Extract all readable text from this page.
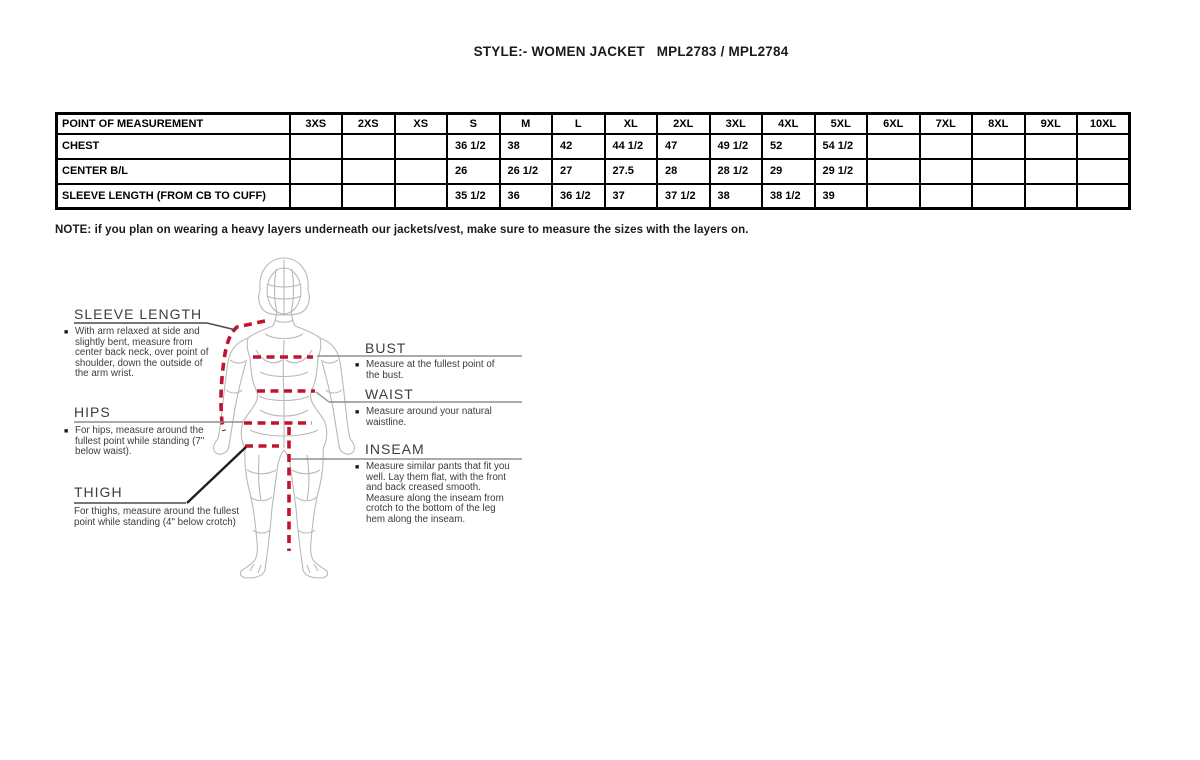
STYLE:- WOMEN JACKET   MPL2783 / MPL2784
POINT OF MEASUREMENT	3XS	2XS	XS	S	M	L	XL	2XL	3XL	4XL	5XL	6XL	7XL	8XL	9XL	10XL
CHEST				36 1/2	38	42	44 1/2	47	49 1/2	52	54 1/2					
CENTER B/L				26	26 1/2	27	27.5	28	28 1/2	29	29 1/2					
SLEEVE LENGTH (FROM CB TO CUFF)				35 1/2	36	36 1/2	37	37 1/2	38	38 1/2	39					
NOTE: if you plan on wearing a heavy layers underneath our jackets/vest, make sure to measure the sizes with the layers on.
SLEEVE LENGTH
■
With arm relaxed at side and slightly bent, measure from center back neck, over point of shoulder, down the outside of the arm wrist.
HIPS
■
For hips, measure around the fullest point while standing (7" below waist).
THIGH
For thighs, measure around the fullest point while standing (4" below crotch)
BUST
■
Measure at the fullest point of the bust.
WAIST
■
Measure around your natural waistline.
INSEAM
■
Measure similar pants that fit you well. Lay them flat, with the front and back creased smooth. Measure along the inseam from crotch to the bottom of the leg hem along the inseam.
